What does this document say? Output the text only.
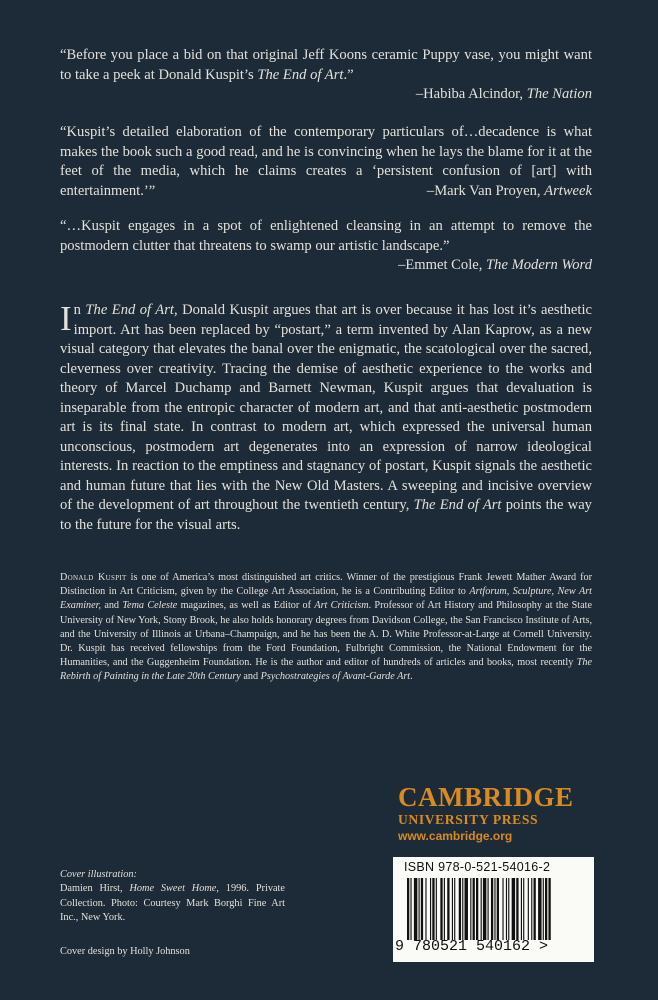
“Before you place a bid on that original Jeff Koons ceramic Puppy vase, you might want to take a peek at Donald Kuspit’s The End of Art.”
–Habiba Alcindor, The Nation

“Kuspit’s detailed elaboration of the contemporary particulars of…decadence is what makes the book such a good read, and he is convincing when he lays the blame for it at the feet of the media, which he claims creates a ‘persistent confusion of [art] with entertainment.’”	–Mark Van Proyen, Artweek

“…Kuspit engages in a spot of enlightened cleansing in an attempt to remove the postmodern clutter that threatens to swamp our artistic landscape.”
–Emmet Cole, The Modern Word

In The End of Art, Donald Kuspit argues that art is over because it has lost it’s aesthetic import. Art has been replaced by “postart,” a term invented by Alan Kaprow, as a new visual category that elevates the banal over the enigmatic, the scatological over the sacred, cleverness over creativity. Tracing the demise of aesthetic experience to the works and theory of Marcel Duchamp and Barnett Newman, Kuspit argues that devaluation is inseparable from the entropic character of modern art, and that anti-aesthetic postmodern art is its final state. In contrast to modern art, which expressed the universal human unconscious, postmodern art degenerates into an expression of narrow ideological interests. In reaction to the emptiness and stagnancy of postart, Kuspit signals the aesthetic and human future that lies with the New Old Masters. A sweeping and incisive overview of the development of art throughout the twentieth century, The End of Art points the way to the future for the visual arts.

Donald Kuspit is one of America’s most distinguished art critics. Winner of the prestigious Frank Jewett Mather Award for Distinction in Art Criticism, given by the College Art Association, he is a Contributing Editor to Artforum, Sculpture, New Art Examiner, and Tema Celeste magazines, as well as Editor of Art Criticism. Professor of Art History and Philosophy at the State University of New York, Stony Brook, he also holds honorary degrees from Davidson College, the San Francisco Institute of Arts, and the University of Illinois at Urbana–Champaign, and he has been the A. D. White Professor-at-Large at Cornell University. Dr. Kuspit has received fellowships from the Ford Foundation, Fulbright Commission, the National Endowment for the Humanities, and the Guggenheim Foundation. He is the author and editor of hundreds of articles and books, most recently The Rebirth of Painting in the Late 20th Century and Psychostrategies of Avant-Garde Art.

CAMBRIDGE
UNIVERSITY PRESS
www.cambridge.org

Cover illustration:
Damien Hirst, Home Sweet Home, 1996. Private Collection. Photo: Courtesy Mark Borghi Fine Art Inc., New York.

Cover design by Holly Johnson
ISBN 978-0-521-54016-2
9 780521 540162 >
